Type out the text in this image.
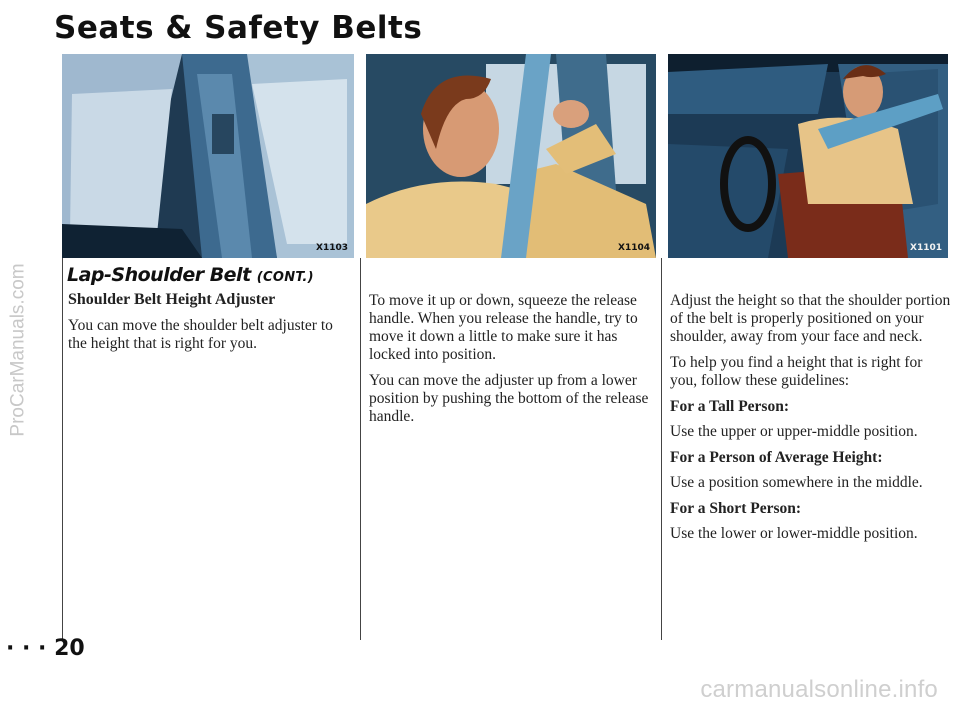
Seats & Safety Belts
X1103	X1104	X1101
Lap-Shoulder Belt (CONT.)

Shoulder Belt Height Adjuster

You can move the shoulder belt adjuster to the height that is right for you.

To move it up or down, squeeze the release handle. When you release the handle, try to move it down a little to make sure it has locked into position.

You can move the adjuster up from a lower position by pushing the bottom of the release handle.

Adjust the height so that the shoulder portion of the belt is properly positioned on your shoulder, away from your face and neck.

To help you find a height that is right for you, follow these guidelines:

For a Tall Person:

Use the upper or upper-middle position.

For a Person of Average Height:

Use a position somewhere in the middle.

For a Short Person:

Use the lower or lower-middle position.

· · · 20
ProCarManuals.com
carmanualsonline.info
